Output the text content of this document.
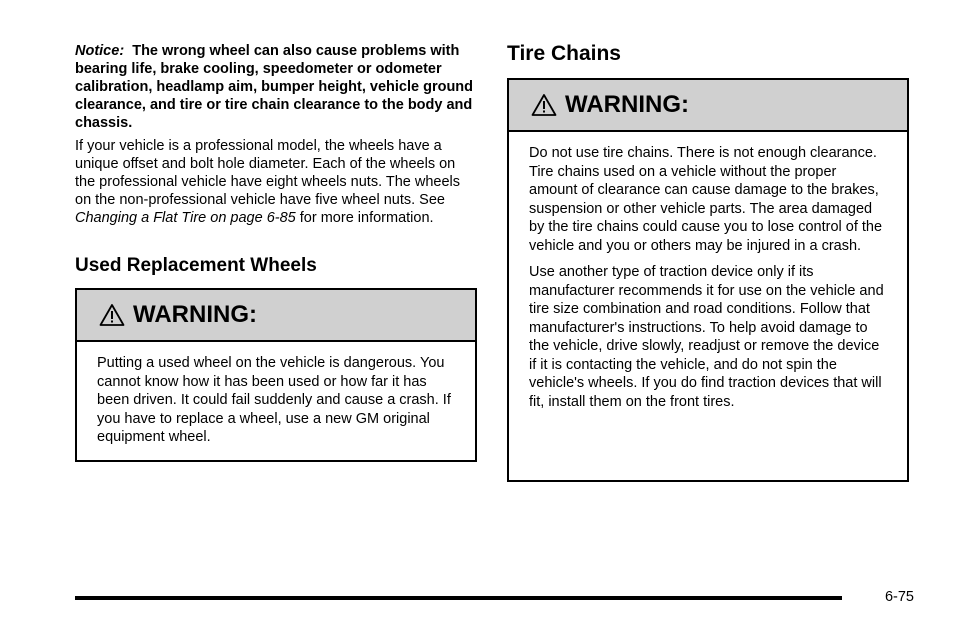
Notice: The wrong wheel can also cause problems with bearing life, brake cooling, speedometer or odometer calibration, headlamp aim, bumper height, vehicle ground clearance, and tire or tire chain clearance to the body and chassis.

If your vehicle is a professional model, the wheels have a unique offset and bolt hole diameter. Each of the wheels on the professional vehicle have eight wheels nuts. The wheels on the non-professional vehicle have five wheel nuts. See Changing a Flat Tire on page 6-85 for more information.

Used Replacement Wheels
WARNING:

Putting a used wheel on the vehicle is dangerous. You cannot know how it has been used or how far it has been driven. It could fail suddenly and cause a crash. If you have to replace a wheel, use a new GM original equipment wheel.

Tire Chains
WARNING:

Do not use tire chains. There is not enough clearance. Tire chains used on a vehicle without the proper amount of clearance can cause damage to the brakes, suspension or other vehicle parts. The area damaged by the tire chains could cause you to lose control of the vehicle and you or others may be injured in a crash.

Use another type of traction device only if its manufacturer recommends it for use on the vehicle and tire size combination and road conditions. Follow that manufacturer's instructions. To help avoid damage to the vehicle, drive slowly, readjust or remove the device if it is contacting the vehicle, and do not spin the vehicle's wheels. If you do find traction devices that will fit, install them on the front tires.

6-75
